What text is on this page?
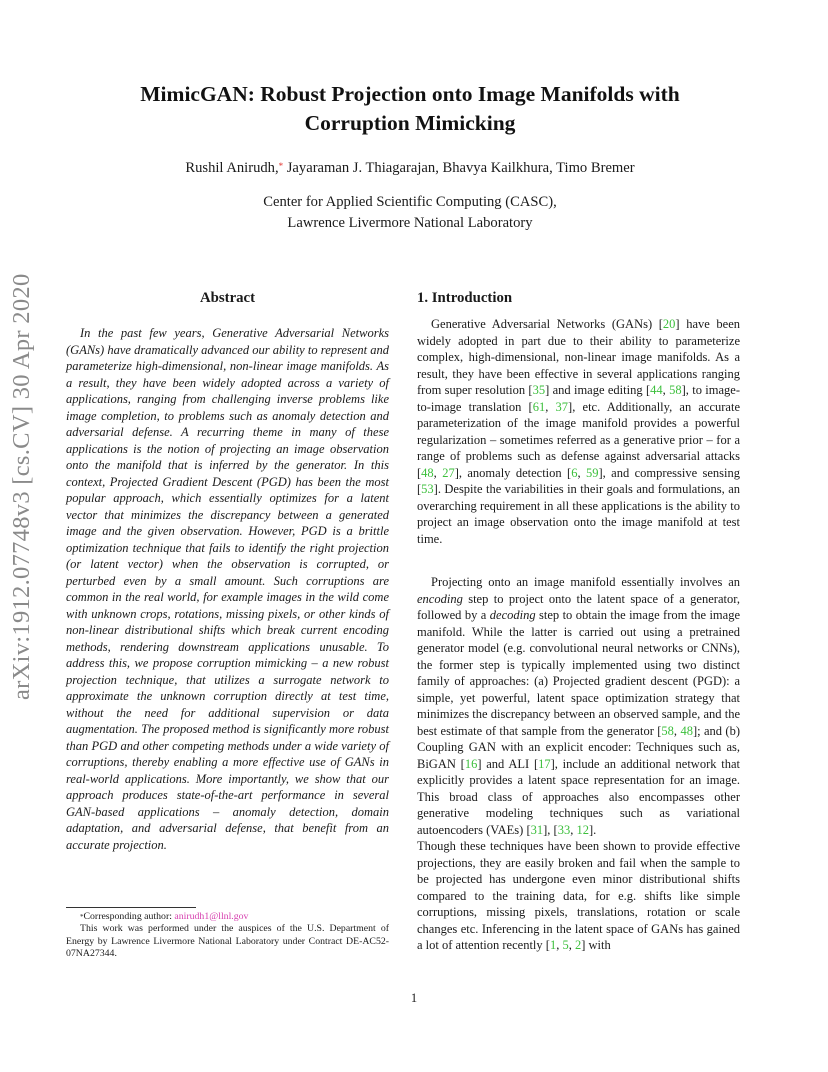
MimicGAN: Robust Projection onto Image Manifolds with
Corruption Mimicking
Rushil Anirudh,* Jayaraman J. Thiagarajan, Bhavya Kailkhura, Timo Bremer
Center for Applied Scientific Computing (CASC),
Lawrence Livermore National Laboratory
arXiv:1912.07748v3 [cs.CV] 30 Apr 2020	Abstract

In the past few years, Generative Adversarial Networks (GANs) have dramatically advanced our ability to represent and parameterize high-dimensional, non-linear image manifolds. As a result, they have been widely adopted across a variety of applications, ranging from challenging inverse problems like image completion, to problems such as anomaly detection and adversarial defense. A recurring theme in many of these applications is the notion of projecting an image observation onto the manifold that is inferred by the generator. In this context, Projected Gradient Descent (PGD) has been the most popular approach, which essentially optimizes for a latent vector that minimizes the discrepancy between a generated image and the given observation. However, PGD is a brittle optimization technique that fails to identify the right projection (or latent vector) when the observation is corrupted, or perturbed even by a small amount. Such corruptions are common in the real world, for example images in the wild come with unknown crops, rotations, missing pixels, or other kinds of non-linear distributional shifts which break current encoding methods, rendering downstream applications unusable. To address this, we propose corruption mimicking – a new robust projection technique, that utilizes a surrogate network to approximate the unknown corruption directly at test time, without the need for additional supervision or data augmentation. The proposed method is significantly more robust than PGD and other competing methods under a wide variety of corruptions, thereby enabling a more effective use of GANs in real-world applications. More importantly, we show that our approach produces state-of-the-art performance in several GAN-based applications – anomaly detection, domain adaptation, and adversarial defense, that benefit from an accurate projection.

1. Introduction

Generative Adversarial Networks (GANs) [20] have been widely adopted in part due to their ability to parameterize complex, high-dimensional, non-linear image manifolds. As a result, they have been effective in several applications ranging from super resolution [35] and image editing [44, 58], to image-to-image translation [61, 37], etc. Additionally, an accurate parameterization of the image manifold provides a powerful regularization – sometimes referred as a generative prior – for a range of problems such as defense against adversarial attacks [48, 27], anomaly detection [6, 59], and compressive sensing [53]. Despite the variabilities in their goals and formulations, an overarching requirement in all these applications is the ability to project an image observation onto the image manifold at test time.

Projecting onto an image manifold essentially involves an encoding step to project onto the latent space of a generator, followed by a decoding step to obtain the image from the image manifold. While the latter is carried out using a pretrained generator model (e.g. convolutional neural networks or CNNs), the former step is typically implemented using two distinct family of approaches: (a) Projected gradient descent (PGD): a simple, yet powerful, latent space optimization strategy that minimizes the discrepancy between an observed sample, and the best estimate of that sample from the generator [58, 48]; and (b) Coupling GAN with an explicit encoder: Techniques such as, BiGAN [16] and ALI [17], include an additional network that explicitly provides a latent space representation for an image. This broad class of approaches also encompasses other generative modeling techniques such as variational autoencoders (VAEs) [31], [33, 12].

Though these techniques have been shown to provide effective projections, they are easily broken and fail when the sample to be projected has undergone even minor distributional shifts compared to the training data, for e.g. shifts like simple corruptions, missing pixels, translations, rotation or scale changes etc. Inferencing in the latent space of GANs has gained a lot of attention recently [1, 5, 2] with

*Corresponding author: anirudh1@llnl.gov
This work was performed under the auspices of the U.S. Department of Energy by Lawrence Livermore National Laboratory under Contract DE-AC52-07NA27344.
1
